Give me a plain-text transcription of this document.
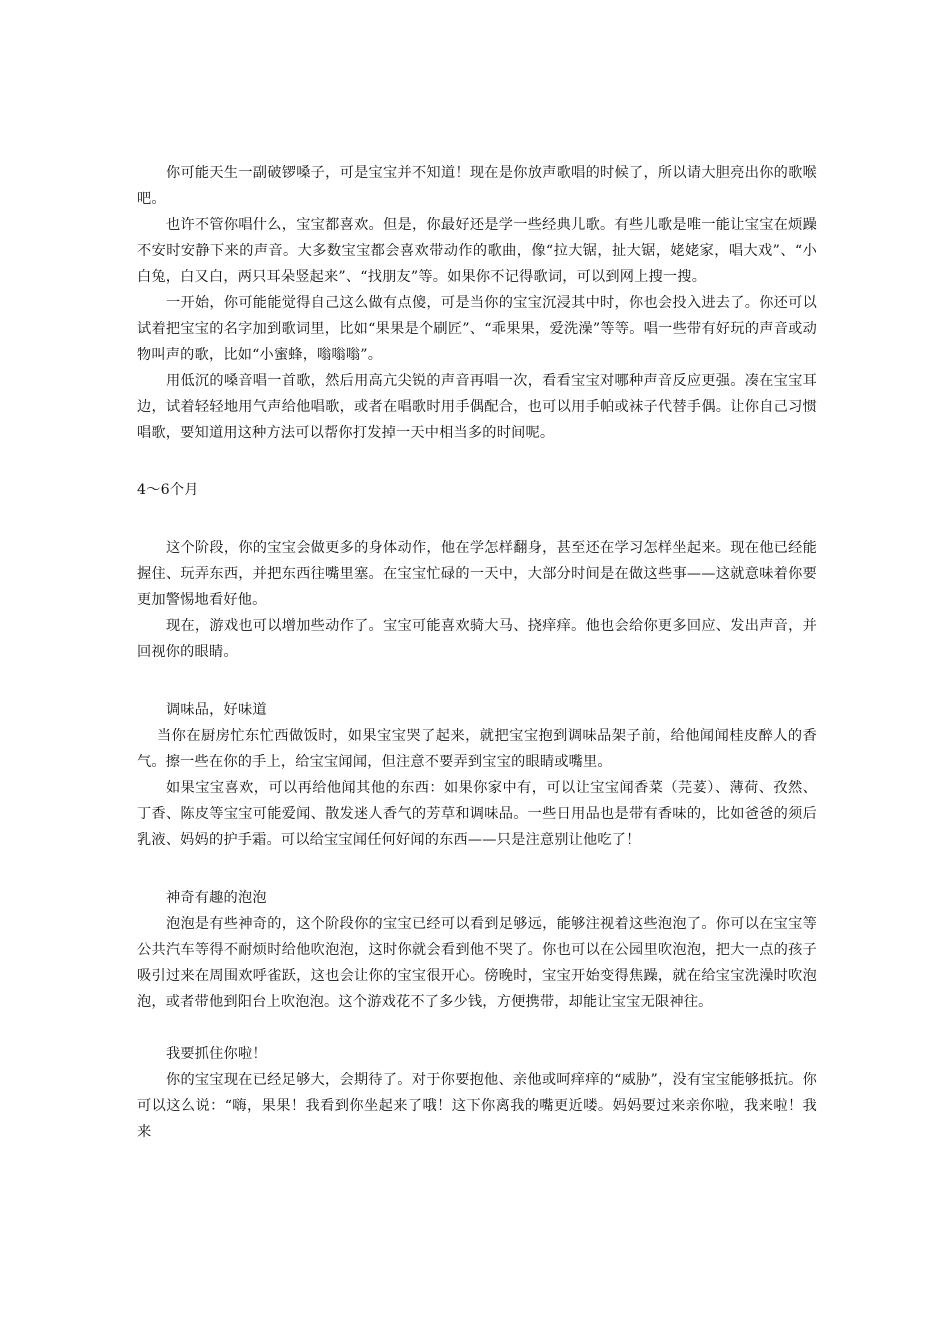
你可能天生一副破锣嗓子，可是宝宝并不知道！现在是你放声歌唱的时候了，所以请大胆亮出你的歌喉吧。

也许不管你唱什么，宝宝都喜欢。但是，你最好还是学一些经典儿歌。有些儿歌是唯一能让宝宝在烦躁不安时安静下来的声音。大多数宝宝都会喜欢带动作的歌曲，像“拉大锯，扯大锯，姥姥家，唱大戏”、“小白兔，白又白，两只耳朵竖起来”、“找朋友”等。如果你不记得歌词，可以到网上搜一搜。

一开始，你可能能觉得自己这么做有点傻，可是当你的宝宝沉浸其中时，你也会投入进去了。你还可以试着把宝宝的名字加到歌词里，比如“果果是个刷匠”、“乖果果，爱洗澡”等等。唱一些带有好玩的声音或动物叫声的歌，比如“小蜜蜂，嗡嗡嗡”。

用低沉的嗓音唱一首歌，然后用高亢尖锐的声音再唱一次，看看宝宝对哪种声音反应更强。凑在宝宝耳边，试着轻轻地用气声给他唱歌，或者在唱歌时用手偶配合，也可以用手帕或袜子代替手偶。让你自己习惯唱歌，要知道用这种方法可以帮你打发掉一天中相当多的时间呢。

4～6个月

这个阶段，你的宝宝会做更多的身体动作，他在学怎样翻身，甚至还在学习怎样坐起来。现在他已经能握住、玩弄东西，并把东西往嘴里塞。在宝宝忙碌的一天中，大部分时间是在做这些事——这就意味着你要更加警惕地看好他。

现在，游戏也可以增加些动作了。宝宝可能喜欢骑大马、挠痒痒。他也会给你更多回应、发出声音，并回视你的眼睛。

调味品，好味道

当你在厨房忙东忙西做饭时，如果宝宝哭了起来，就把宝宝抱到调味品架子前，给他闻闻桂皮醉人的香气。擦一些在你的手上，给宝宝闻闻，但注意不要弄到宝宝的眼睛或嘴里。

如果宝宝喜欢，可以再给他闻其他的东西：如果你家中有，可以让宝宝闻香菜（芫荽）、薄荷、孜然、丁香、陈皮等宝宝可能爱闻、散发迷人香气的芳草和调味品。一些日用品也是带有香味的，比如爸爸的须后乳液、妈妈的护手霜。可以给宝宝闻任何好闻的东西——只是注意别让他吃了！

神奇有趣的泡泡

泡泡是有些神奇的，这个阶段你的宝宝已经可以看到足够远，能够注视着这些泡泡了。你可以在宝宝等公共汽车等得不耐烦时给他吹泡泡，这时你就会看到他不哭了。你也可以在公园里吹泡泡，把大一点的孩子吸引过来在周围欢呼雀跃，这也会让你的宝宝很开心。傍晚时，宝宝开始变得焦躁，就在给宝宝洗澡时吹泡泡，或者带他到阳台上吹泡泡。这个游戏花不了多少钱，方便携带，却能让宝宝无限神往。

我要抓住你啦！

你的宝宝现在已经足够大，会期待了。对于你要抱他、亲他或呵痒痒的“威胁”，没有宝宝能够抵抗。你可以这么说：“嗨，果果！我看到你坐起来了哦！这下你离我的嘴更近喽。妈妈要过来亲你啦，我来啦！我来
